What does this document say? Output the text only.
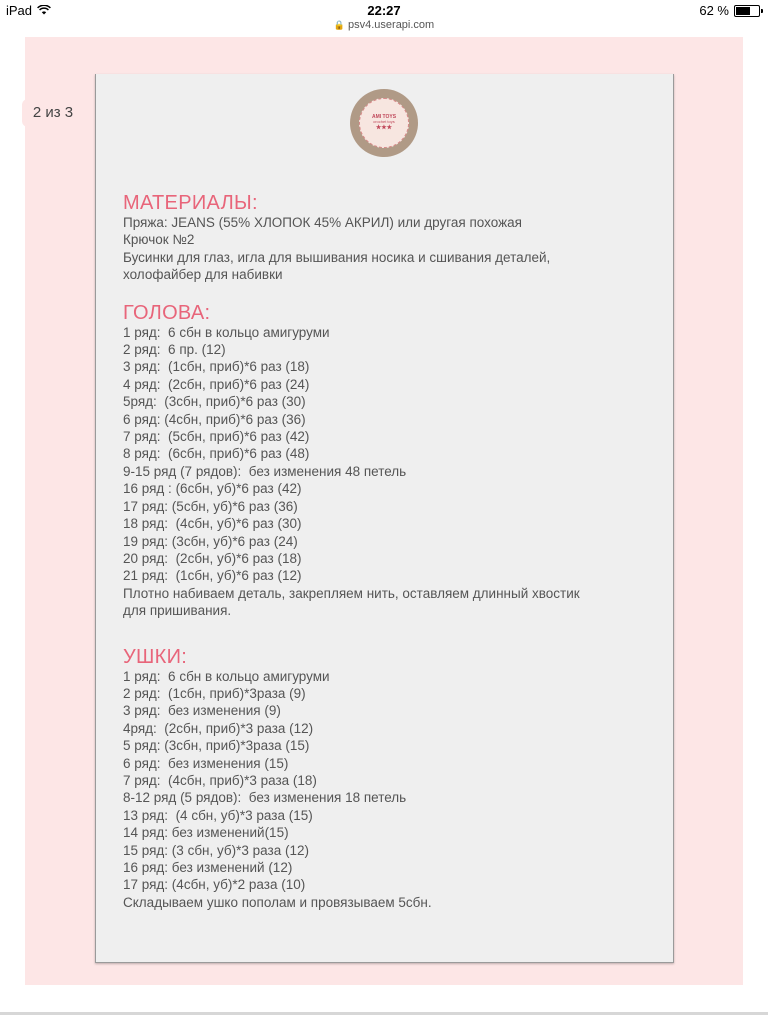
iPad	22:27	62 %
🔒 psv4.userapi.com
2 из 3	AMI TOYS
crochet toys
★★★
МАТЕРИАЛЫ:

Пряжа: JEANS (55% ХЛОПОК 45% АКРИЛ) или другая похожая

Крючок №2

Бусинки для глаз, игла для вышивания носика и сшивания деталей,

холофайбер для набивки

ГОЛОВА:

1 ряд:  6 сбн в кольцо амигуруми

2 ряд:  6 пр. (12)

3 ряд:  (1сбн, приб)*6 раз (18)

4 ряд:  (2сбн, приб)*6 раз (24)

5ряд:  (3сбн, приб)*6 раз (30)

6 ряд: (4сбн, приб)*6 раз (36)

7 ряд:  (5сбн, приб)*6 раз (42)

8 ряд:  (6сбн, приб)*6 раз (48)

9-15 ряд (7 рядов):  без изменения 48 петель

16 ряд : (6сбн, уб)*6 раз (42)

17 ряд: (5сбн, уб)*6 раз (36)

18 ряд:  (4сбн, уб)*6 раз (30)

19 ряд: (3сбн, уб)*6 раз (24)

20 ряд:  (2сбн, уб)*6 раз (18)

21 ряд:  (1сбн, уб)*6 раз (12)

Плотно набиваем деталь, закрепляем нить, оставляем длинный хвостик

для пришивания.

УШКИ:

1 ряд:  6 сбн в кольцо амигуруми

2 ряд:  (1сбн, приб)*3раза (9)

3 ряд:  без изменения (9)

4ряд:  (2сбн, приб)*3 раза (12)

5 ряд: (3сбн, приб)*3раза (15)

6 ряд:  без изменения (15)

7 ряд:  (4сбн, приб)*3 раза (18)

8-12 ряд (5 рядов):  без изменения 18 петель

13 ряд:  (4 сбн, уб)*3 раза (15)

14 ряд: без изменений(15)

15 ряд: (3 сбн, уб)*3 раза (12)

16 ряд: без изменений (12)

17 ряд: (4сбн, уб)*2 раза (10)

Складываем ушко пополам и провязываем 5сбн.
